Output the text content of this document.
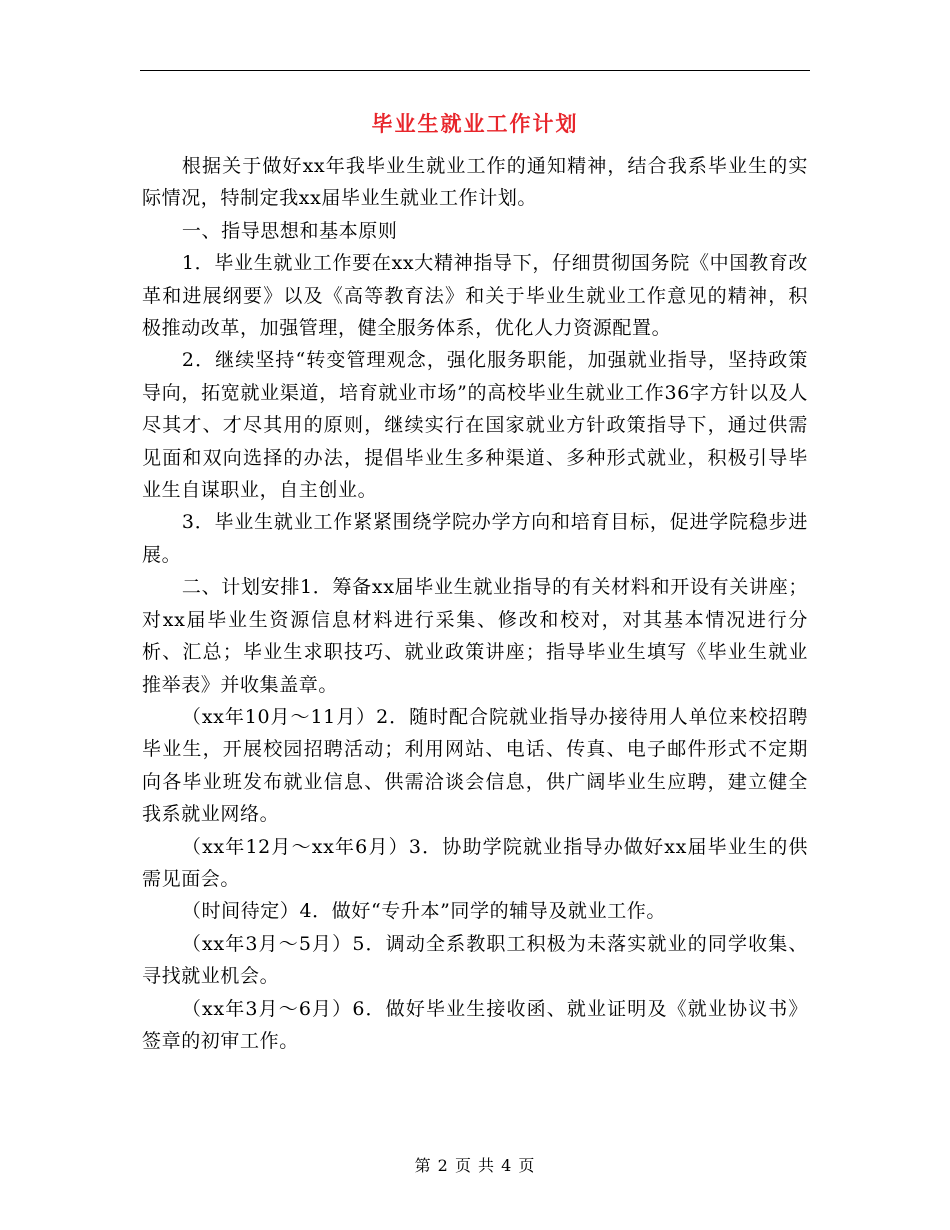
毕业生就业工作计划

根据关于做好xx年我毕业生就业工作的通知精神，结合我系毕业生的实际情况，特制定我xx届毕业生就业工作计划。

一、指导思想和基本原则

1．毕业生就业工作要在xx大精神指导下，仔细贯彻国务院《中国教育改革和进展纲要》以及《高等教育法》和关于毕业生就业工作意见的精神，积极推动改革，加强管理，健全服务体系，优化人力资源配置。

2．继续坚持“转变管理观念，强化服务职能，加强就业指导，坚持政策导向，拓宽就业渠道，培育就业市场”的高校毕业生就业工作36字方针以及人尽其才、才尽其用的原则，继续实行在国家就业方针政策指导下，通过供需见面和双向选择的办法，提倡毕业生多种渠道、多种形式就业，积极引导毕业生自谋职业，自主创业。

3．毕业生就业工作紧紧围绕学院办学方向和培育目标，促进学院稳步进展。

二、计划安排1．筹备xx届毕业生就业指导的有关材料和开设有关讲座；对xx届毕业生资源信息材料进行采集、修改和校对，对其基本情况进行分析、汇总；毕业生求职技巧、就业政策讲座；指导毕业生填写《毕业生就业推举表》并收集盖章。

（xx年10月～11月）2．随时配合院就业指导办接待用人单位来校招聘毕业生，开展校园招聘活动；利用网站、电话、传真、电子邮件形式不定期向各毕业班发布就业信息、供需洽谈会信息，供广阔毕业生应聘，建立健全我系就业网络。

（xx年12月～xx年6月）3．协助学院就业指导办做好xx届毕业生的供需见面会。

（时间待定）4．做好“专升本”同学的辅导及就业工作。

（xx年3月～5月）5．调动全系教职工积极为未落实就业的同学收集、寻找就业机会。

（xx年3月～6月）6．做好毕业生接收函、就业证明及《就业协议书》签章的初审工作。

第 2 页 共 4 页
